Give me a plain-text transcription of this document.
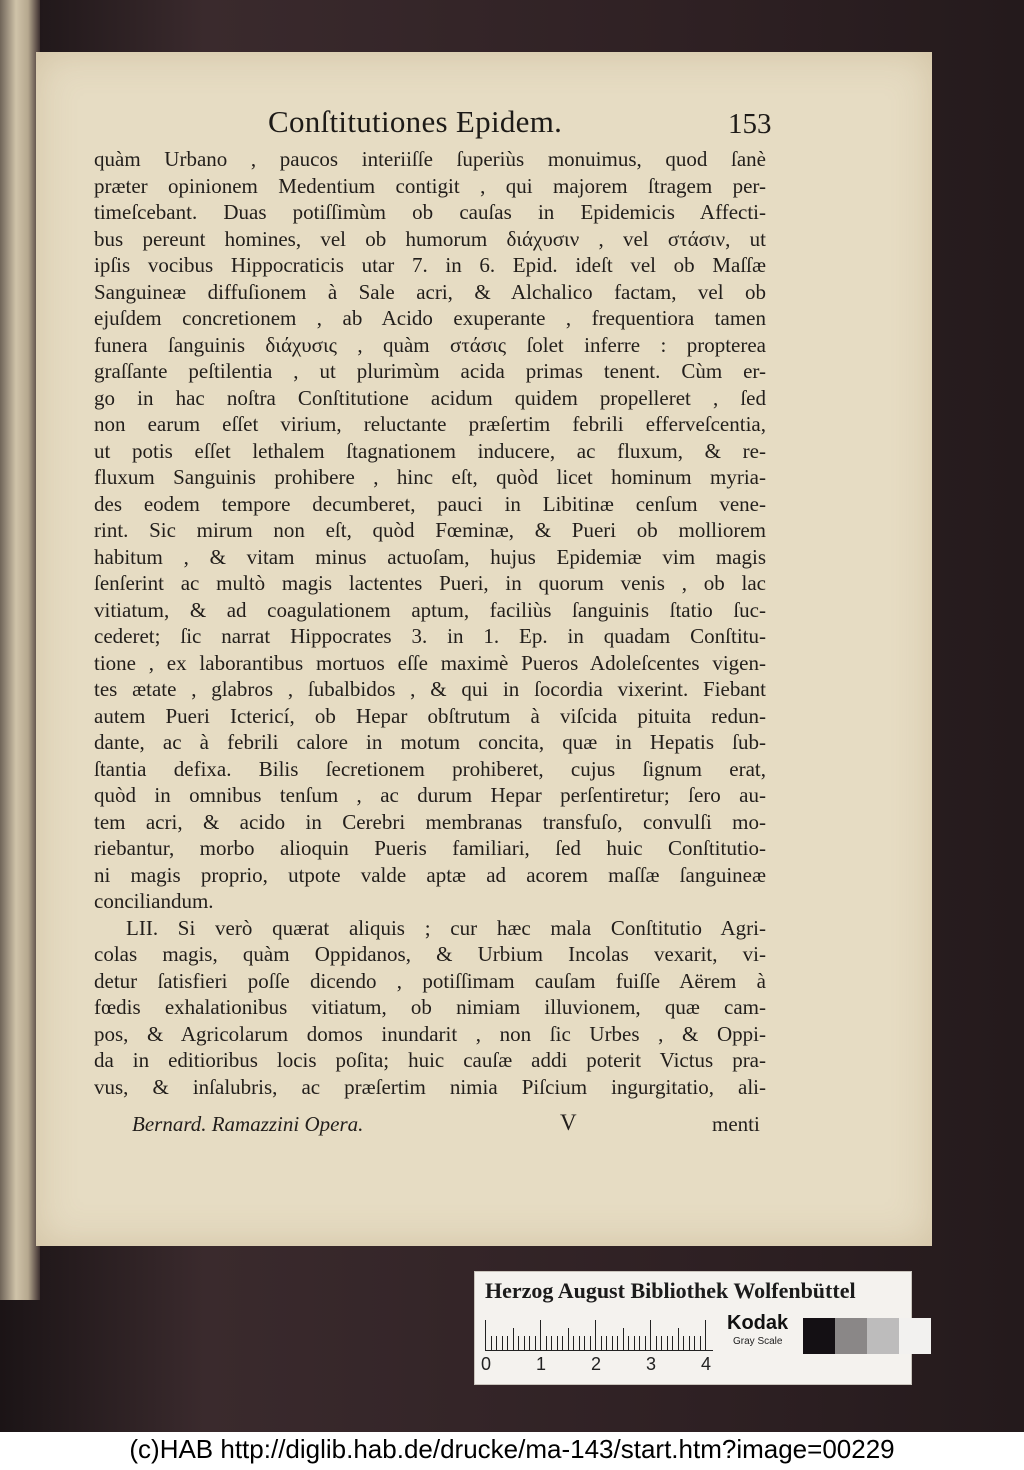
Conſtitutiones Epidem.	153
quàm Urbano , paucos interiiſſe ſuperiùs monuimus, quod ſanè
præter opinionem Medentium contigit , qui majorem ſtragem per-
timeſcebant. Duas potiſſimùm ob cauſas in Epidemicis Affecti-
bus pereunt homines, vel ob humorum διάχυσιν , vel στάσιν, ut
ipſis vocibus Hippocraticis utar 7. in 6. Epid. ideſt vel ob Maſſæ
Sanguineæ diffuſionem à Sale acri, & Alchalico factam, vel ob
ejuſdem concretionem , ab Acido exuperante , frequentiora tamen
funera ſanguinis διάχυσις , quàm στάσις ſolet inferre : propterea
graſſante peſtilentia , ut plurimùm acida primas tenent. Cùm er-
go in hac noſtra Conſtitutione acidum quidem propelleret , ſed
non earum eſſet virium, reluctante præſertim febrili efferveſcentia,
ut potis eſſet lethalem ſtagnationem inducere, ac fluxum, & re-
fluxum Sanguinis prohibere , hinc eſt, quòd licet hominum myria-
des eodem tempore decumberet, pauci in Libitinæ cenſum vene-
rint. Sic mirum non eſt, quòd Fœminæ, & Pueri ob molliorem
habitum , & vitam minus actuoſam, hujus Epidemiæ vim magis
ſenſerint ac multò magis lactentes Pueri, in quorum venis , ob lac
vitiatum, & ad coagulationem aptum, faciliùs ſanguinis ſtatio ſuc-
cederet; ſic narrat Hippocrates 3. in 1. Ep. in quadam Conſtitu-
tione , ex laborantibus mortuos eſſe maximè Pueros Adoleſcentes vigen-
tes ætate , glabros , ſubalbidos , & qui in ſocordia vixerint. Fiebant
autem Pueri Ictericí, ob Hepar obſtrutum à viſcida pituita redun-
dante, ac à febrili calore in motum concita, quæ in Hepatis ſub-
ſtantia defixa. Bilis ſecretionem prohiberet, cujus ſignum erat,
quòd in omnibus tenſum , ac durum Hepar perſentiretur; ſero au-
tem acri, & acido in Cerebri membranas transfuſo, convulſi mo-
riebantur, morbo alioquin Pueris familiari, ſed huic Conſtitutio-
ni magis proprio, utpote valde aptæ ad acorem maſſæ ſanguineæ
conciliandum.
LII. Si verò quærat aliquis ; cur hæc mala Conſtitutio Agri-
colas magis, quàm Oppidanos, & Urbium Incolas vexarit, vi-
detur ſatisfieri poſſe dicendo , potiſſimam cauſam fuiſſe Aërem à
fœdis exhalationibus vitiatum, ob nimiam illuvionem, quæ cam-
pos, & Agricolarum domos inundarit , non ſic Urbes , & Oppi-
da in editioribus locis poſita; huic cauſæ addi poterit Victus pra-
vus, & inſalubris, ac præſertim nimia Piſcium ingurgitatio, ali-
Bernard. Ramazzini Opera.	V	menti
Herzog August Bibliothek Wolfenbüttel
0 1 2 3 4
Kodak
Gray Scale
(c)HAB http://diglib.hab.de/drucke/ma-143/start.htm?image=00229
